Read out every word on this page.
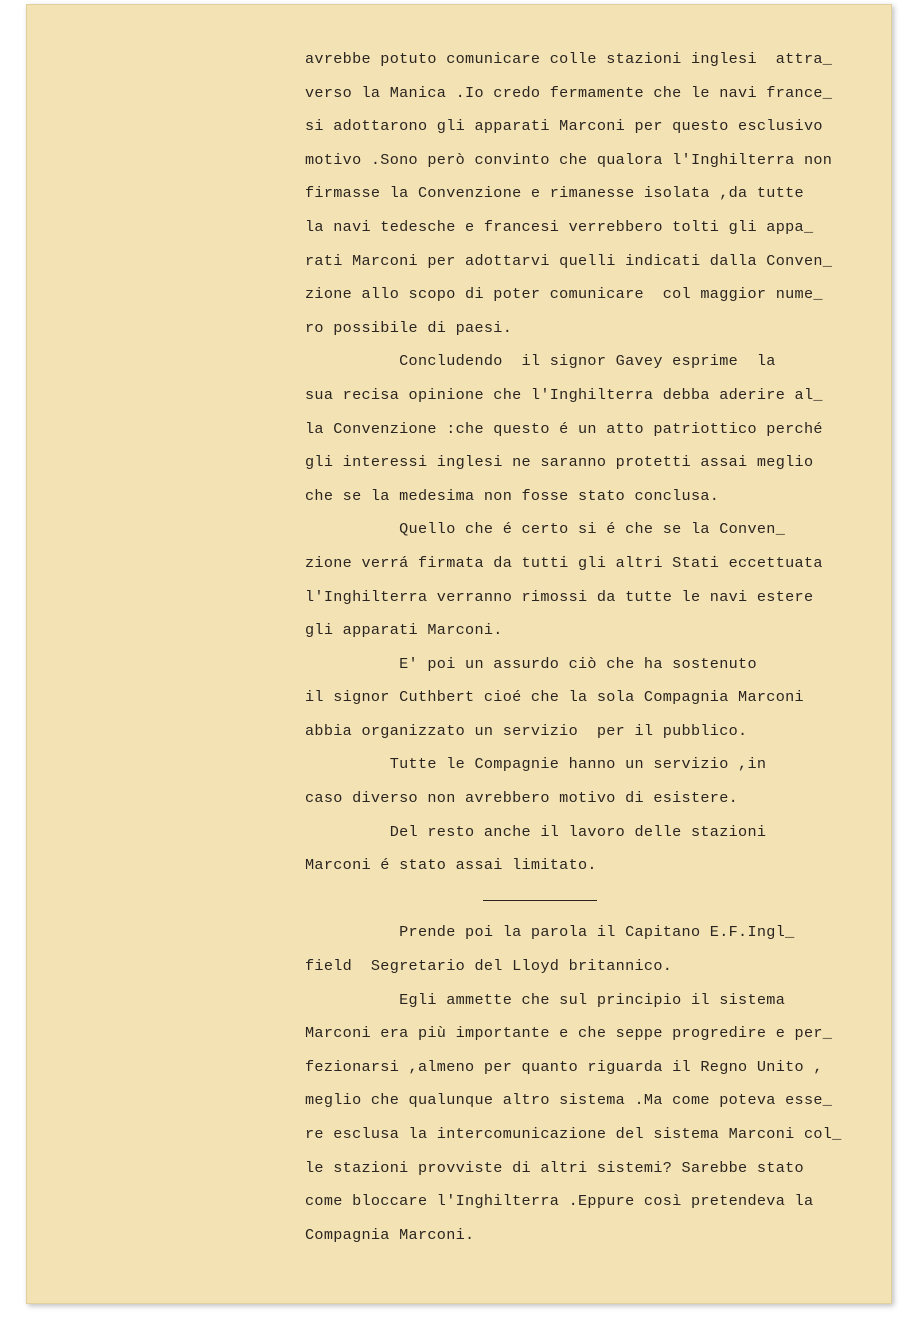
avrebbe potuto comunicare colle stazioni inglesi  attra_
verso la Manica .Io credo fermamente che le navi france_
si adottarono gli apparati Marconi per questo esclusivo
motivo .Sono però convinto che qualora l'Inghilterra non
firmasse la Convenzione e rimanesse isolata ,da tutte
la navi tedesche e francesi verrebbero tolti gli appa_
rati Marconi per adottarvi quelli indicati dalla Conven_
zione allo scopo di poter comunicare  col maggior nume_
ro possibile di paesi.
Concludendo  il signor Gavey esprime  la
sua recisa opinione che l'Inghilterra debba aderire al_
la Convenzione :che questo é un atto patriottico perché
gli interessi inglesi ne saranno protetti assai meglio
che se la medesima non fosse stato conclusa.
Quello che é certo si é che se la Conven_
zione verrá firmata da tutti gli altri Stati eccettuata
l'Inghilterra verranno rimossi da tutte le navi estere
gli apparati Marconi.
E' poi un assurdo ciò che ha sostenuto
il signor Cuthbert cioé che la sola Compagnia Marconi
abbia organizzato un servizio  per il pubblico.
Tutte le Compagnie hanno un servizio ,in
caso diverso non avrebbero motivo di esistere.
Del resto anche il lavoro delle stazioni
Marconi é stato assai limitato.
Prende poi la parola il Capitano E.F.Ingl_
field  Segretario del Lloyd britannico.
Egli ammette che sul principio il sistema
Marconi era più importante e che seppe progredire e per_
fezionarsi ,almeno per quanto riguarda il Regno Unito ,
meglio che qualunque altro sistema .Ma come poteva esse_
re esclusa la intercomunicazione del sistema Marconi col_
le stazioni provviste di altri sistemi? Sarebbe stato
come bloccare l'Inghilterra .Eppure così pretendeva la
Compagnia Marconi.
